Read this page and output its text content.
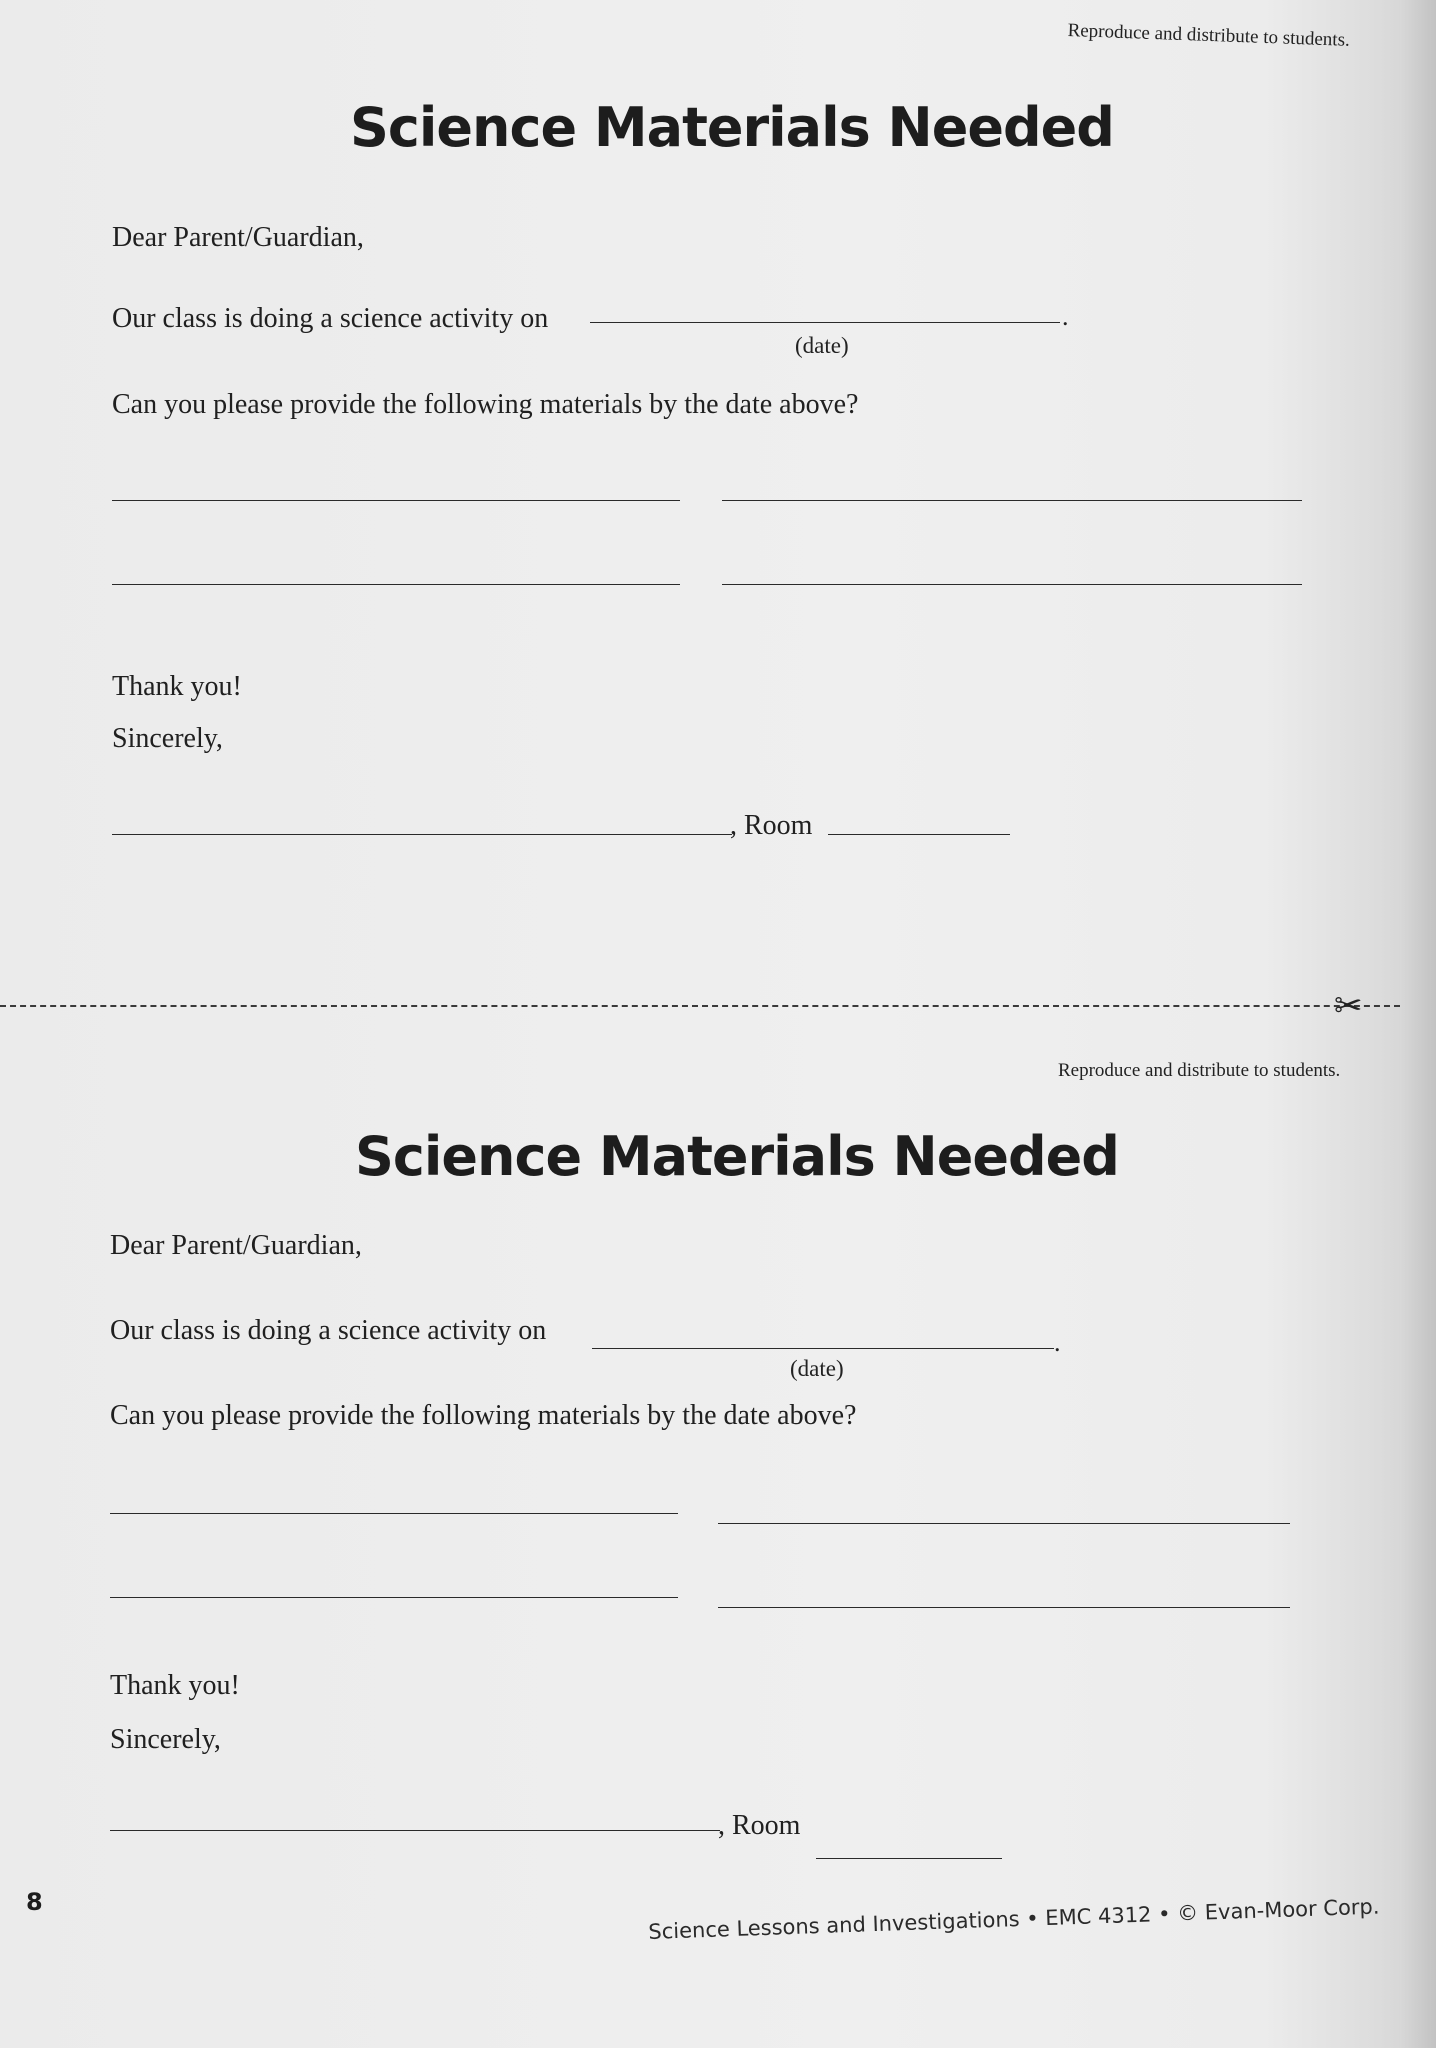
Reproduce and distribute to students.
Science Materials Needed
Dear Parent/Guardian,
Our class is doing a science activity on	.
(date)
Can you please provide the following materials by the date above?
Thank you!
Sincerely,
, Room
✂
Reproduce and distribute to students.
Science Materials Needed
Dear Parent/Guardian,
Our class is doing a science activity on	.
(date)
Can you please provide the following materials by the date above?
Thank you!
Sincerely,
, Room
8	Science Lessons and Investigations • EMC 4312 • © Evan-Moor Corp.
